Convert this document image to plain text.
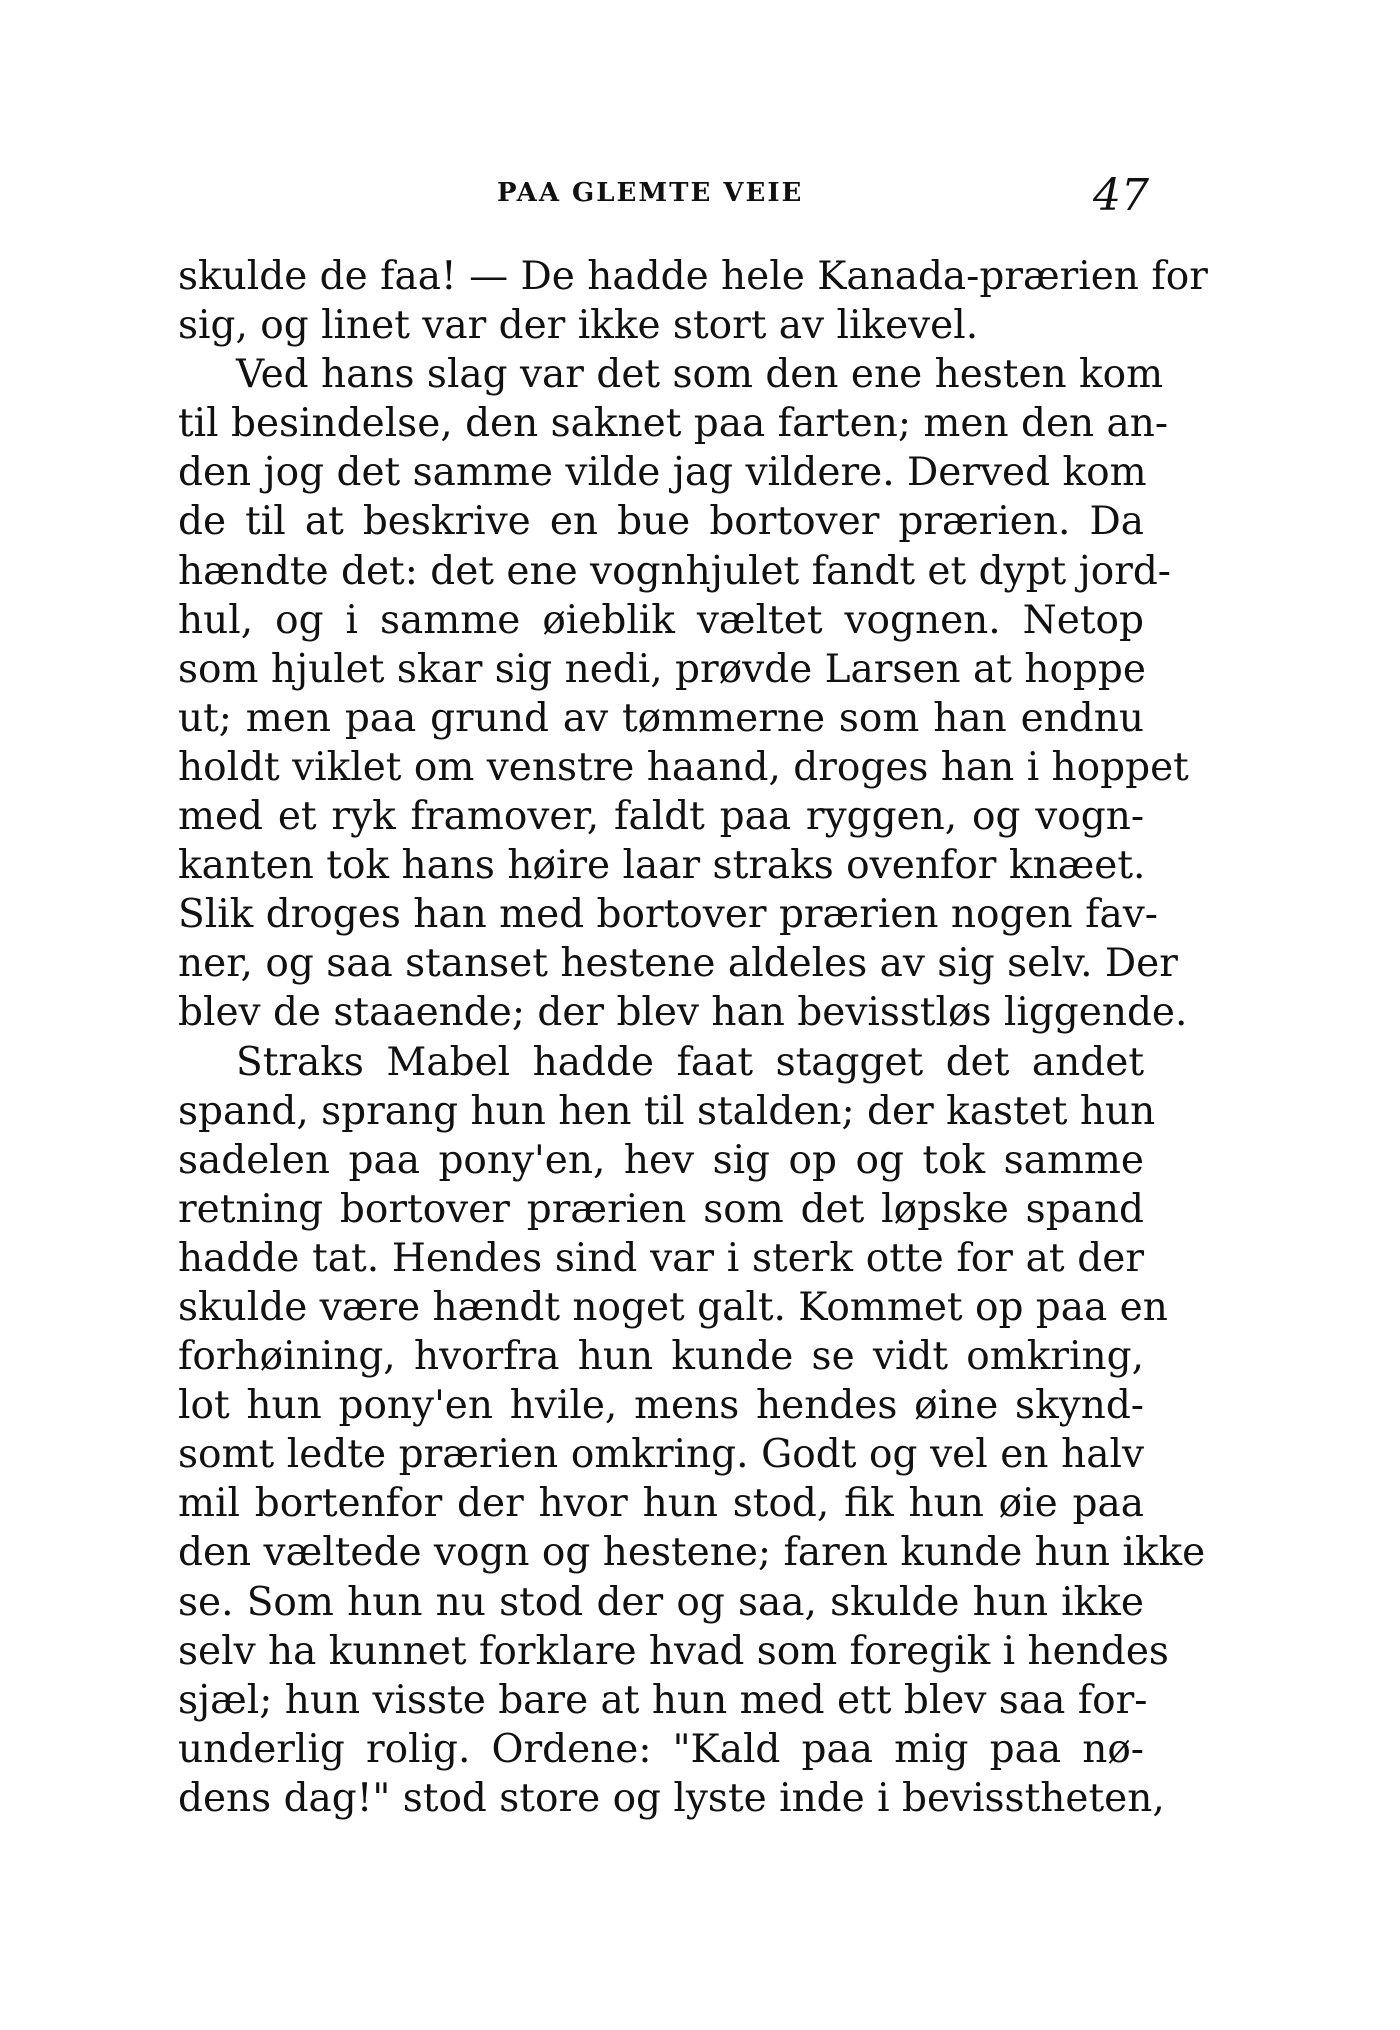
PAA GLEMTE VEIE	47
skulde de faa! — De hadde hele Kanada-prærien for
sig, og linet var der ikke stort av likevel.
Ved hans slag var det som den ene hesten kom
til besindelse, den saknet paa farten; men den an-
den jog det samme vilde jag vildere. Derved kom
de til at beskrive en bue bortover prærien. Da
hændte det: det ene vognhjulet fandt et dypt jord-
hul, og i samme øieblik væltet vognen. Netop
som hjulet skar sig nedi, prøvde Larsen at hoppe
ut; men paa grund av tømmerne som han endnu
holdt viklet om venstre haand, droges han i hoppet
med et ryk framover, faldt paa ryggen, og vogn-
kanten tok hans høire laar straks ovenfor knæet.
Slik droges han med bortover prærien nogen fav-
ner, og saa stanset hestene aldeles av sig selv. Der
blev de staaende; der blev han bevisstløs liggende.
Straks Mabel hadde faat stagget det andet
spand, sprang hun hen til stalden; der kastet hun
sadelen paa pony'en, hev sig op og tok samme
retning bortover prærien som det løpske spand
hadde tat. Hendes sind var i sterk otte for at der
skulde være hændt noget galt. Kommet op paa en
forhøining, hvorfra hun kunde se vidt omkring,
lot hun pony'en hvile, mens hendes øine skynd-
somt ledte prærien omkring. Godt og vel en halv
mil bortenfor der hvor hun stod, fik hun øie paa
den væltede vogn og hestene; faren kunde hun ikke
se. Som hun nu stod der og saa, skulde hun ikke
selv ha kunnet forklare hvad som foregik i hendes
sjæl; hun visste bare at hun med ett blev saa for-
underlig rolig. Ordene: "Kald paa mig paa nø-
dens dag!" stod store og lyste inde i bevisstheten,
